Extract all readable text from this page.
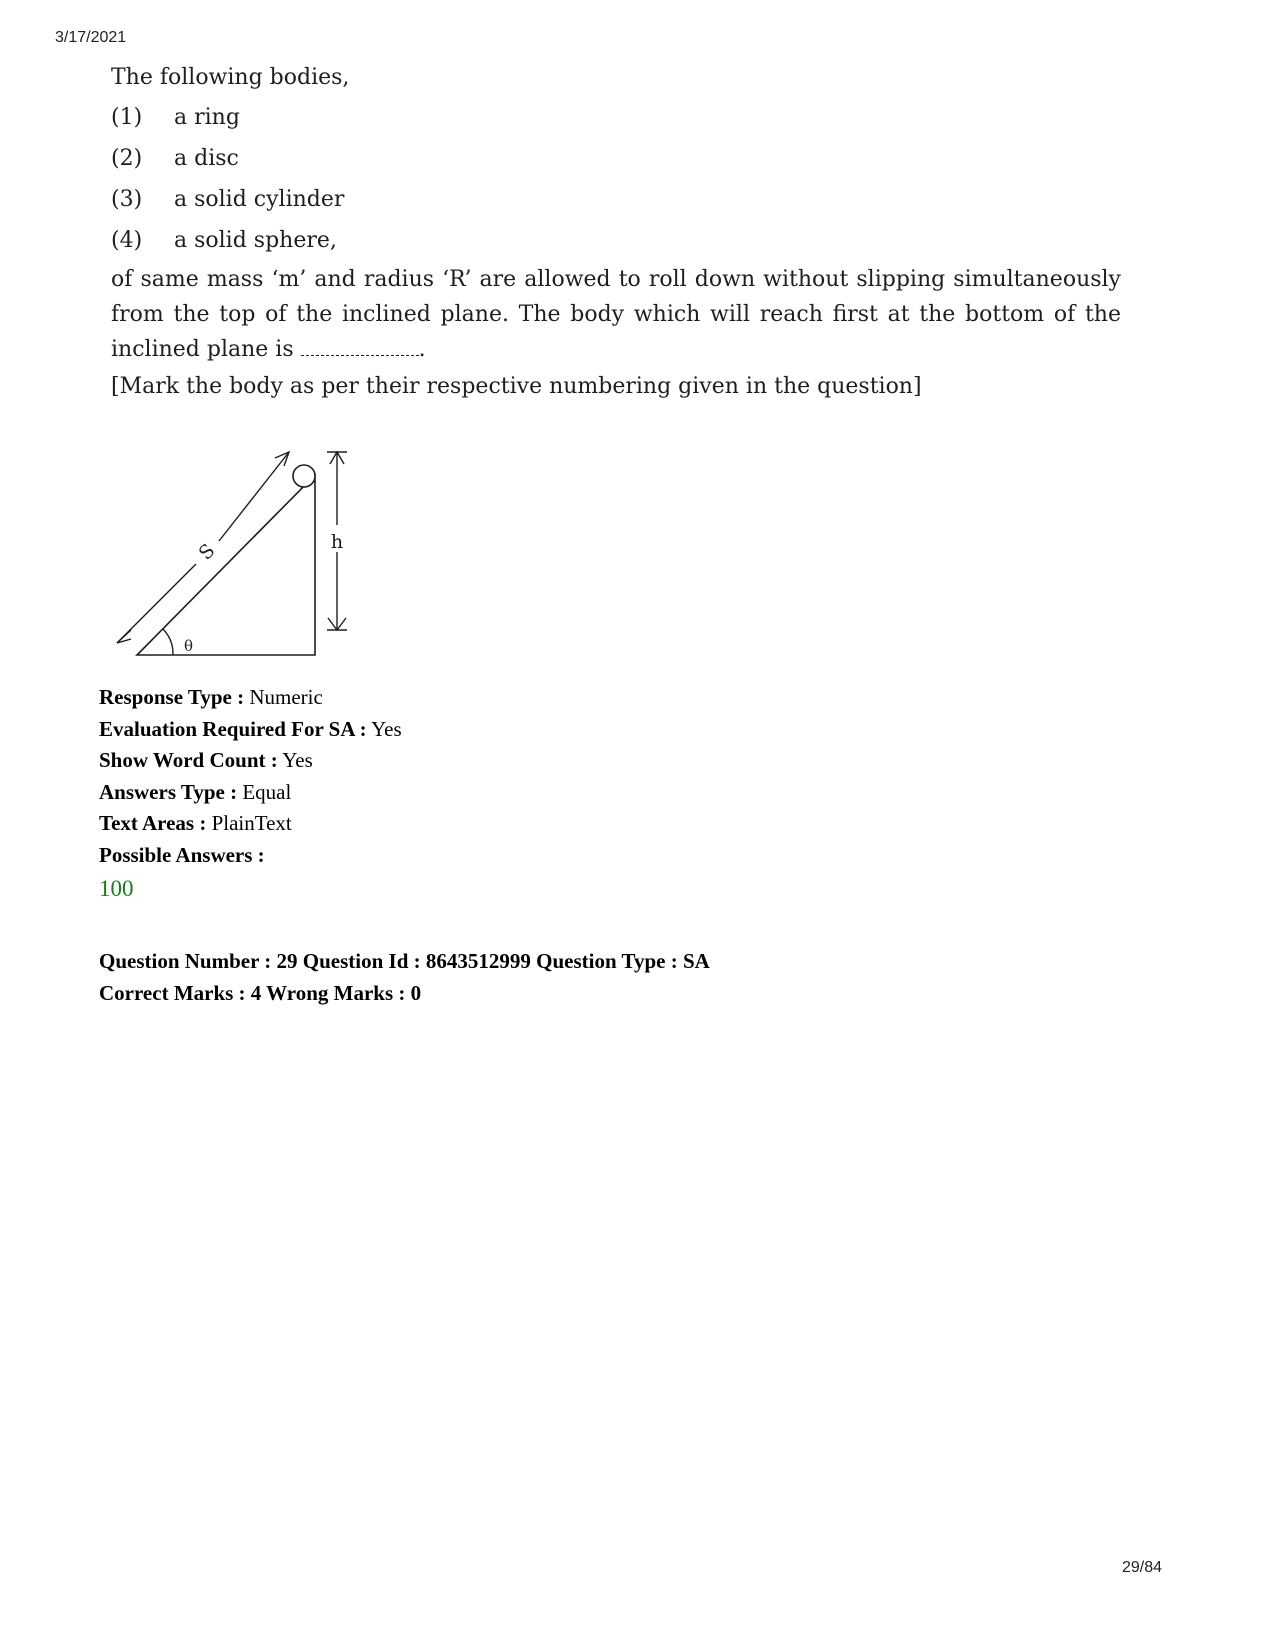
3/17/2021
The following bodies,
(1)	a ring
(2)	a disc
(3)	a solid cylinder
(4)	a solid sphere,
of same mass ‘m’ and radius ‘R’ are allowed to roll down without slipping simultaneously from the top of the inclined plane. The body which will reach first at the bottom of the inclined plane is	.
[Mark the body as per their respective numbering given in the question]
S	h
θ
Response Type : Numeric
Evaluation Required For SA : Yes
Show Word Count : Yes
Answers Type : Equal
Text Areas : PlainText
Possible Answers :
100
Question Number : 29 Question Id : 8643512999 Question Type : SA
Correct Marks : 4 Wrong Marks : 0
29/84
